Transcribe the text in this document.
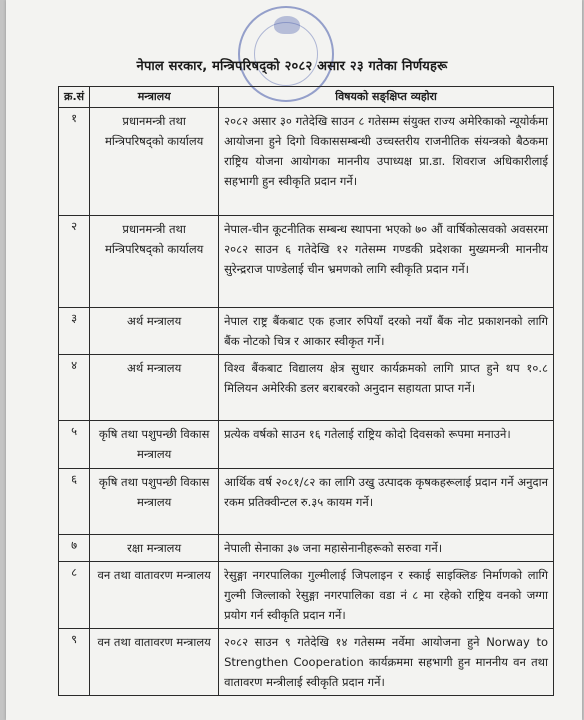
नेपाल सरकार, मन्त्रिपरिषद्को २०८२ असार २३ गतेका निर्णयहरू
क्र.सं	मन्त्रालय	विषयको सङ्क्षिप्त व्यहोरा
१	प्रधानमन्त्री तथा मन्त्रिपरिषद्को कार्यालय	२०८२ असार ३० गतेदेखि साउन ८ गतेसम्म संयुक्त राज्य अमेरिकाको न्यूयोर्कमा आयोजना हुने दिगो विकाससम्बन्धी उच्चस्तरीय राजनीतिक संयन्त्रको बैठकमा राष्ट्रिय योजना आयोगका माननीय उपाध्यक्ष प्रा.डा. शिवराज अधिकारीलाई सहभागी हुन स्वीकृति प्रदान गर्ने।
२	प्रधानमन्त्री तथा मन्त्रिपरिषद्को कार्यालय	नेपाल-चीन कूटनीतिक सम्बन्ध स्थापना भएको ७० औं वार्षिकोत्सवको अवसरमा २०८२ साउन ६ गतेदेखि १२ गतेसम्म गण्डकी प्रदेशका मुख्यमन्त्री माननीय सुरेन्द्रराज पाण्डेलाई चीन भ्रमणको लागि स्वीकृति प्रदान गर्ने।
३	अर्थ मन्त्रालय	नेपाल राष्ट्र बैंकबाट एक हजार रुपियाँ दरको नयाँ बैंक नोट प्रकाशनको लागि बैंक नोटको चित्र र आकार स्वीकृत गर्ने।
४	अर्थ मन्त्रालय	विश्व बैंकबाट विद्यालय क्षेत्र सुधार कार्यक्रमको लागि प्राप्त हुने थप १०.८ मिलियन अमेरिकी डलर बराबरको अनुदान सहायता प्राप्त गर्ने।
५	कृषि तथा पशुपन्छी विकास मन्त्रालय	प्रत्येक वर्षको साउन १६ गतेलाई राष्ट्रिय कोदो दिवसको रूपमा मनाउने।
६	कृषि तथा पशुपन्छी विकास मन्त्रालय	आर्थिक वर्ष २०८१/८२ का लागि उखु उत्पादक कृषकहरूलाई प्रदान गर्ने अनुदान रकम प्रतिक्वीन्टल रु.३५ कायम गर्ने।
७	रक्षा मन्त्रालय	नेपाली सेनाका ३७ जना महासेनानीहरूको सरुवा गर्ने।
८	वन तथा वातावरण मन्त्रालय	रेसुङ्गा नगरपालिका गुल्मीलाई जिपलाइन र स्काई साइक्लिङ निर्माणको लागि गुल्मी जिल्लाको रेसुङ्गा नगरपालिका वडा नं ८ मा रहेको राष्ट्रिय वनको जग्गा प्रयोग गर्न स्वीकृति प्रदान गर्ने।
९	वन तथा वातावरण मन्त्रालय	२०८२ साउन ९ गतेदेखि १४ गतेसम्म नर्वेमा आयोजना हुने Norway to Strengthen Cooperation कार्यक्रममा सहभागी हुन माननीय वन तथा वातावरण मन्त्रीलाई स्वीकृति प्रदान गर्ने।
